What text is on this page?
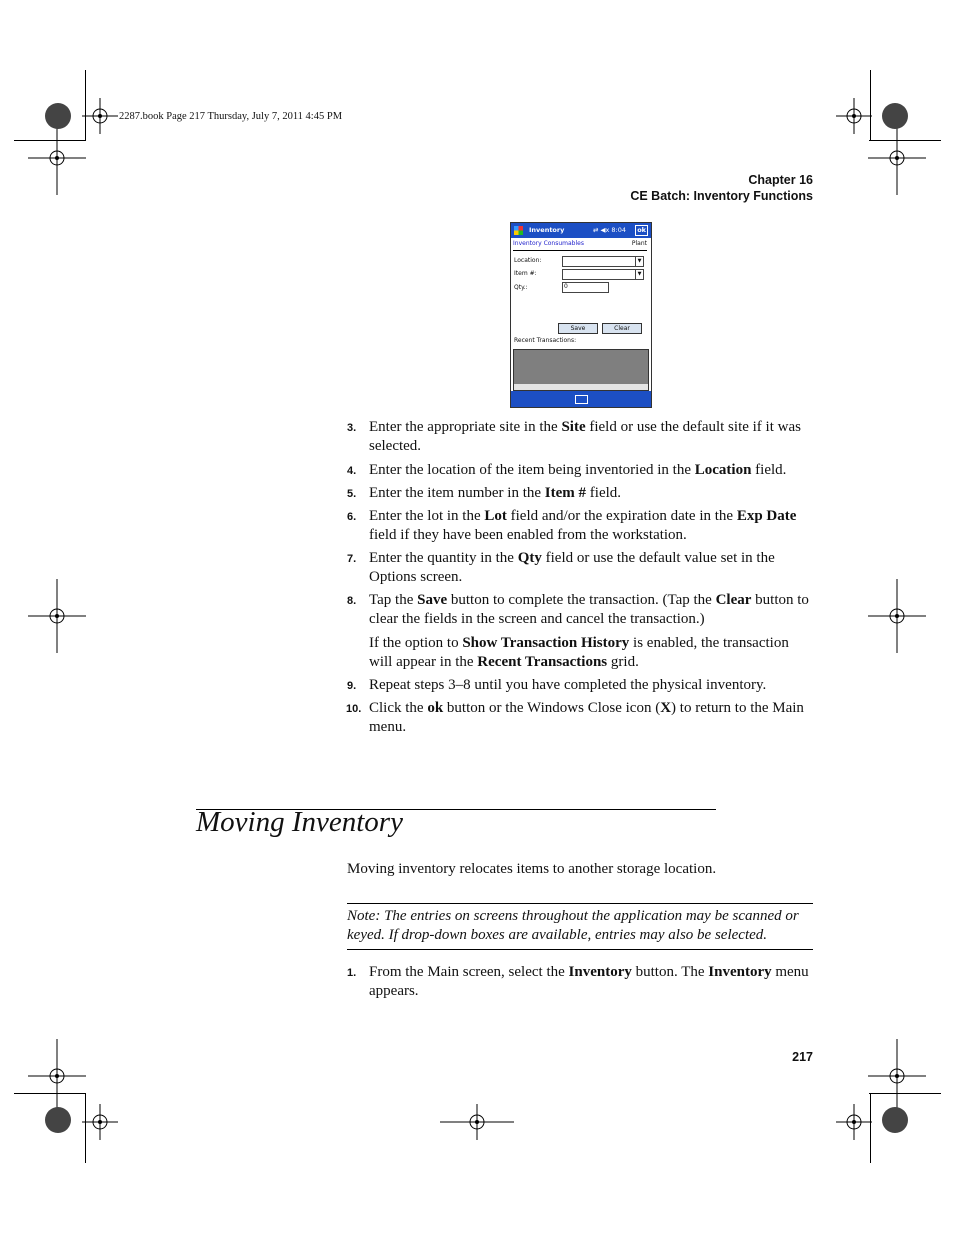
2287.book Page 217 Thursday, July 7, 2011 4:45 PM
Chapter 16
CE Batch: Inventory Functions
Inventory	⇄ ◀x 8:04	ok
Inventory Consumables	Plant
Location:	▼
Item #:	▼
Qty.:	0
Save	Clear
Recent Transactions:
3. Enter the appropriate site in the Site field or use the default site if it was selected.
4. Enter the location of the item being inventoried in the Location field.
5. Enter the item number in the Item # field.
6. Enter the lot in the Lot field and/or the expiration date in the Exp Date field if they have been enabled from the workstation.
7. Enter the quantity in the Qty field or use the default value set in the Options screen.
8. Tap the Save button to complete the transaction. (Tap the Clear button to clear the fields in the screen and cancel the transaction.)
If the option to Show Transaction History is enabled, the transaction will appear in the Recent Transactions grid.
9. Repeat steps 3–8 until you have completed the physical inventory.
10. Click the ok button or the Windows Close icon (X) to return to the Main menu.
Moving Inventory
Moving inventory relocates items to another storage location.
Note: The entries on screens throughout the application may be scanned or keyed. If drop-down boxes are available, entries may also be selected.
1. From the Main screen, select the Inventory button. The Inventory menu appears.
217
